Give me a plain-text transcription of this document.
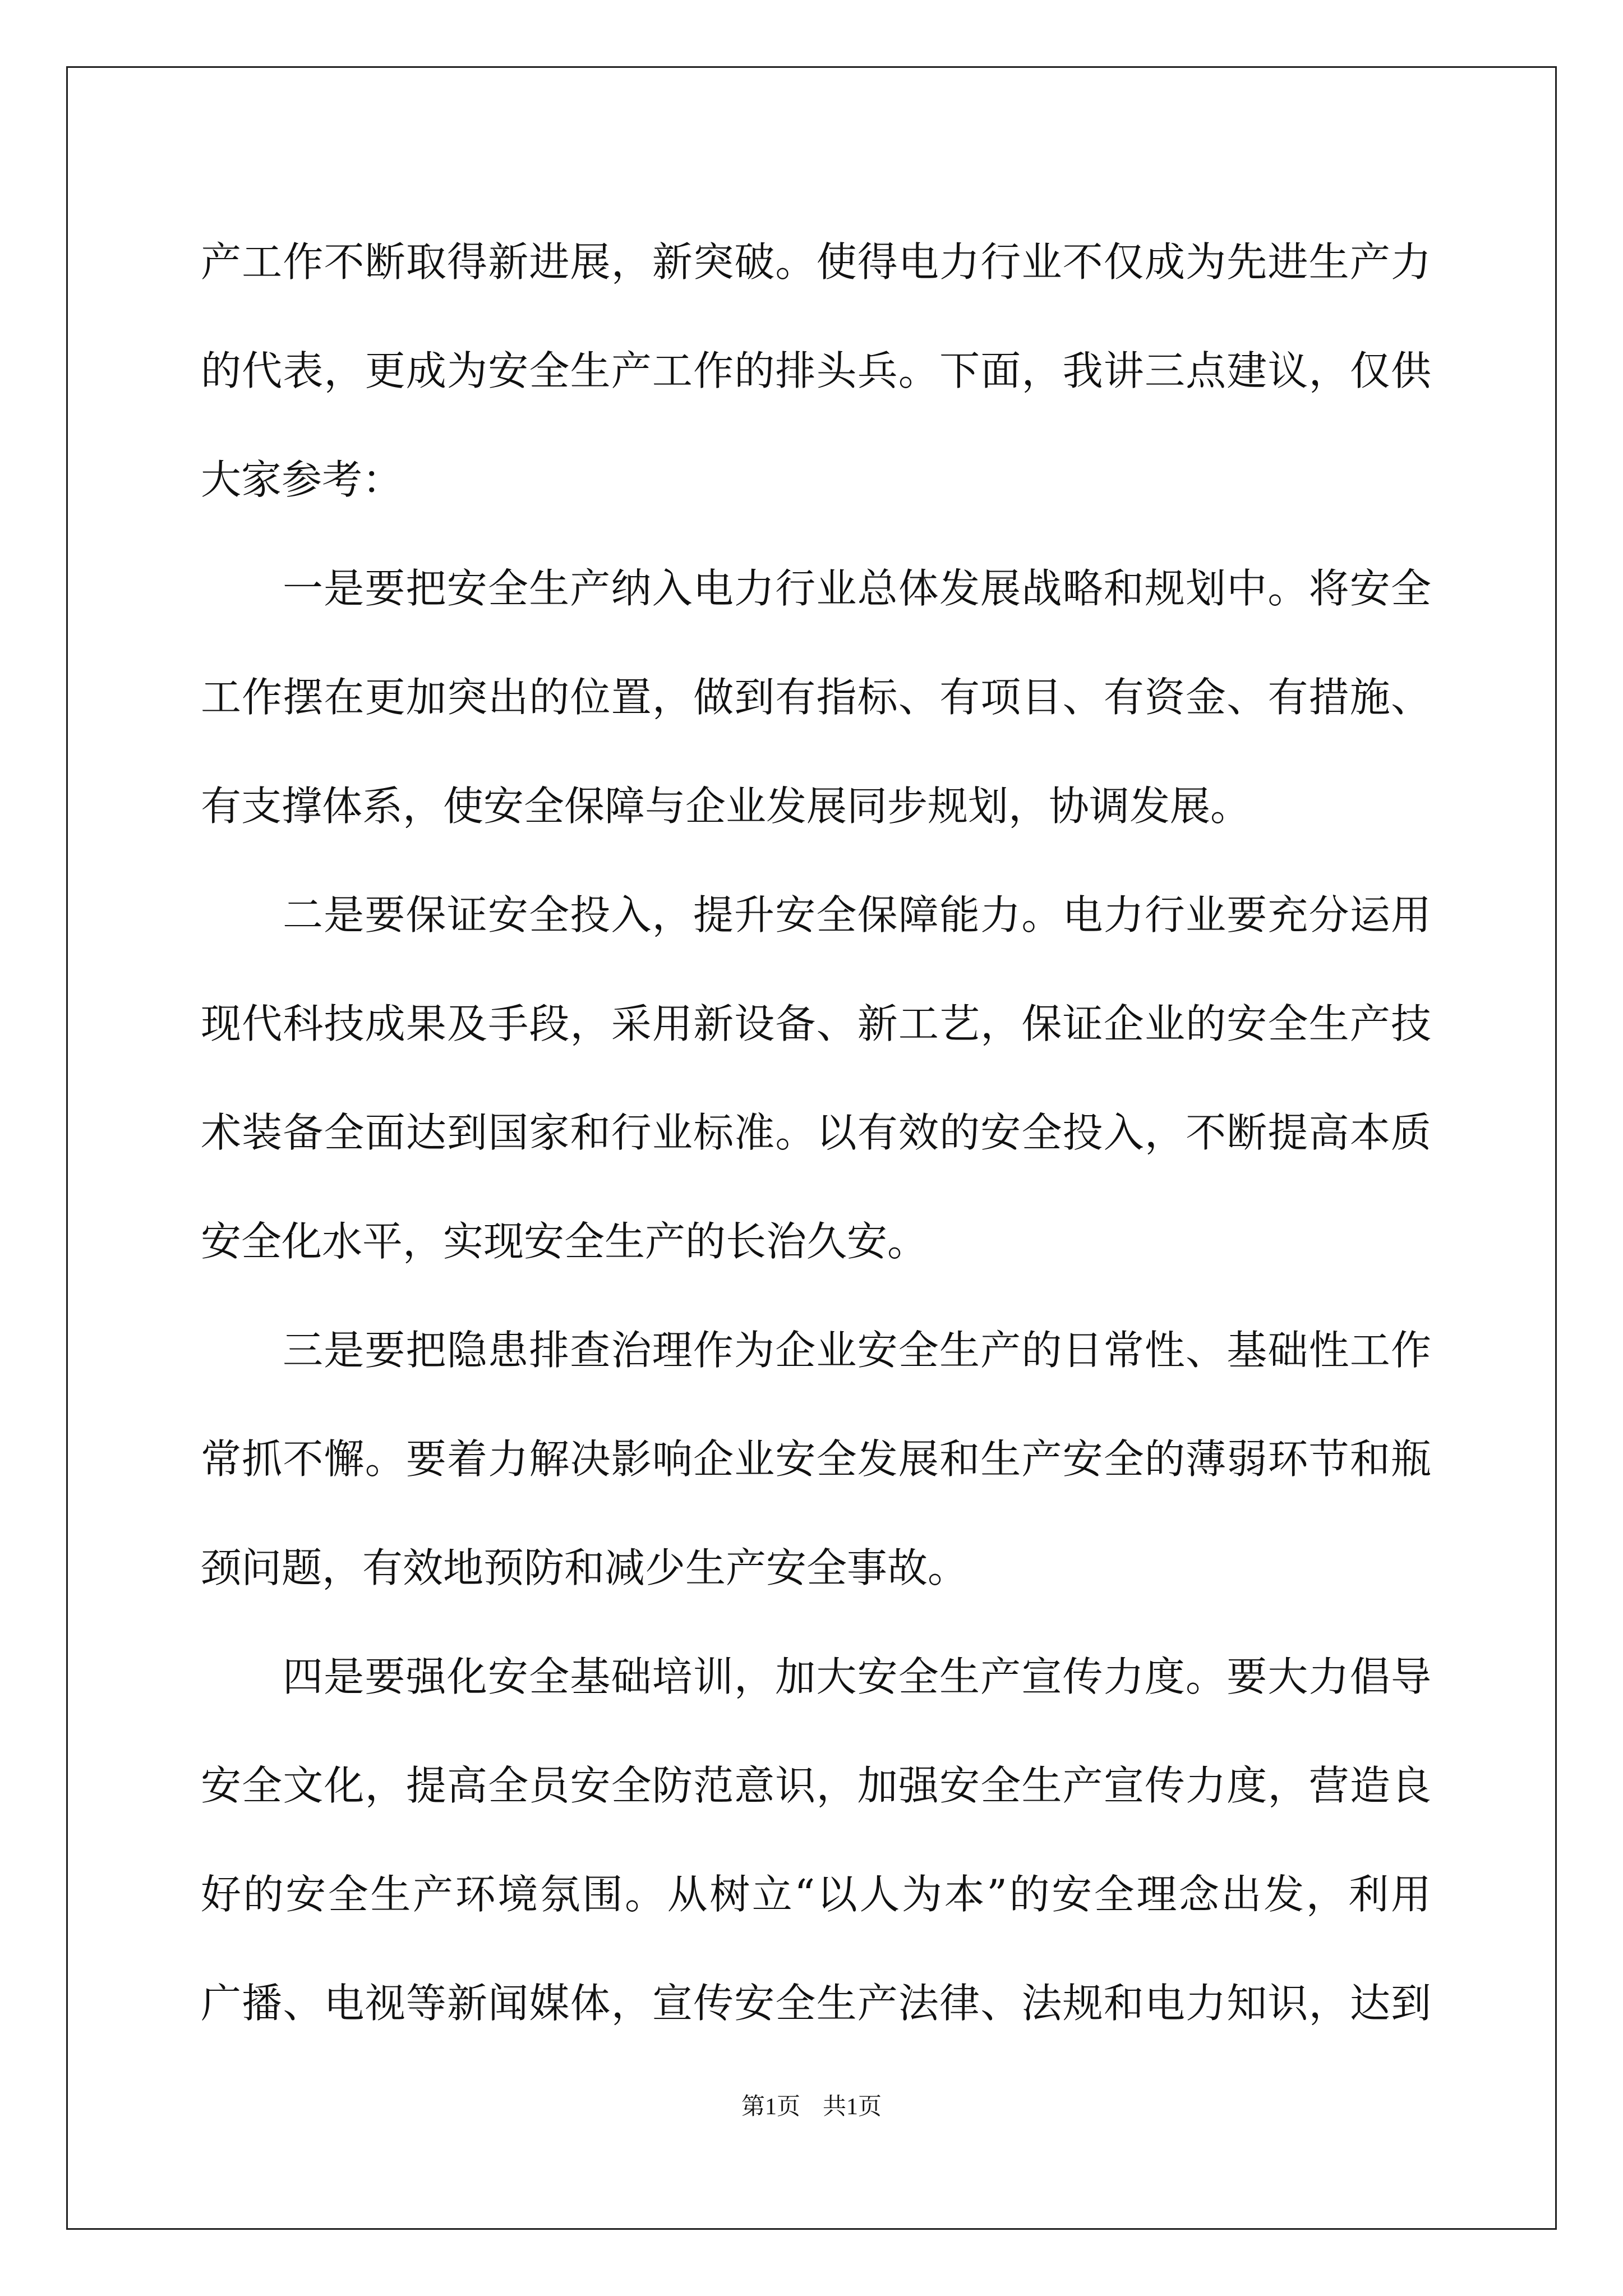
产工作不断取得新进展，新突破。使得电力行业不仅成为先进生产力
的代表，更成为安全生产工作的排头兵。下面，我讲三点建议，仅供
大家参考：
一是要把安全生产纳入电力行业总体发展战略和规划中。将安全
工作摆在更加突出的位置，做到有指标、有项目、有资金、有措施、
有支撑体系，使安全保障与企业发展同步规划，协调发展。
二是要保证安全投入，提升安全保障能力。电力行业要充分运用
现代科技成果及手段，采用新设备、新工艺，保证企业的安全生产技
术装备全面达到国家和行业标准。以有效的安全投入，不断提高本质
安全化水平，实现安全生产的长治久安。
三是要把隐患排查治理作为企业安全生产的日常性、基础性工作
常抓不懈。要着力解决影响企业安全发展和生产安全的薄弱环节和瓶
颈问题，有效地预防和减少生产安全事故。
四是要强化安全基础培训，加大安全生产宣传力度。要大力倡导
安全文化，提高全员安全防范意识，加强安全生产宣传力度，营造良
好的安全生产环境氛围。从树立“以人为本”的安全理念出发，利用
广播、电视等新闻媒体，宣传安全生产法律、法规和电力知识，达到
第1页 共1页
